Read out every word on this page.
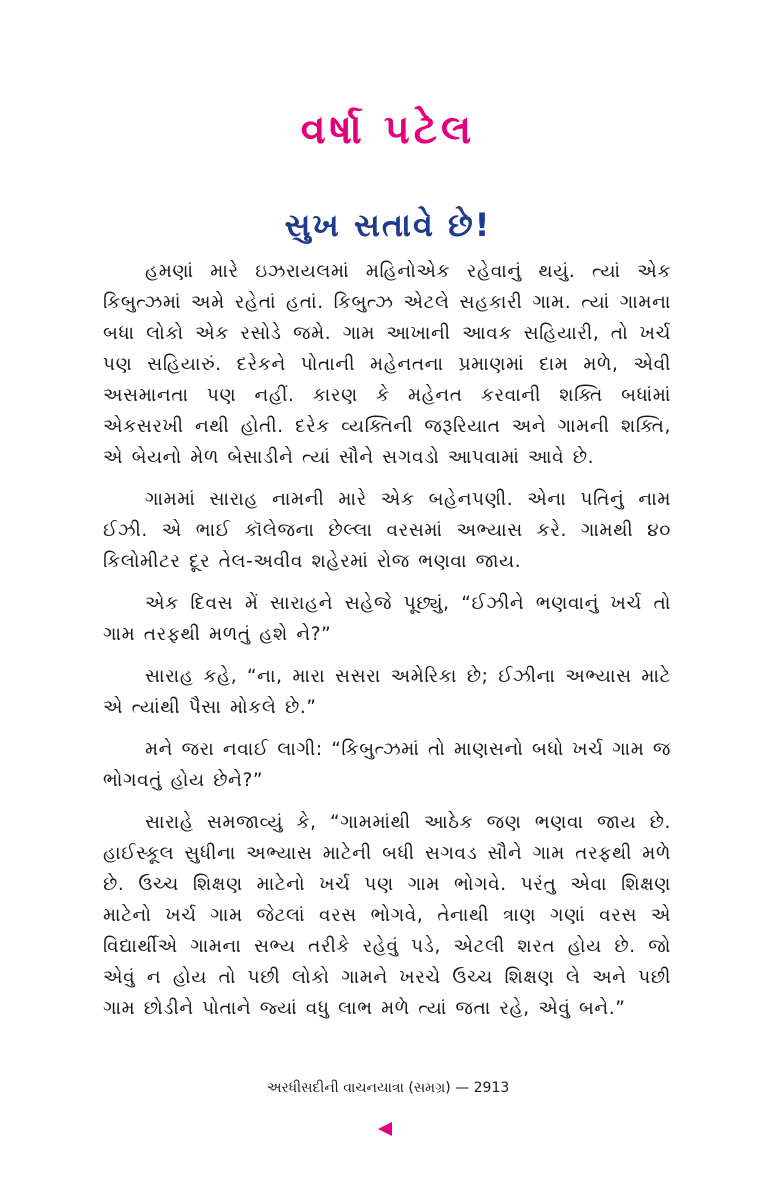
વર્ષા પટેલ
સુખ સતાવે છે!

હમણાં મારે ઇઝરાયલમાં મહિનોએક રહેવાનું થયું. ત્યાં એક કિબુત્ઝમાં અમે રહેતાં હતાં. કિબુત્ઝ એટલે સહકારી ગામ. ત્યાં ગામના બધા લોકો એક રસોડે જમે. ગામ આખાની આવક સહિયારી, તો ખર્ચ પણ સહિયારું. દરેકને પોતાની મહેનતના પ્રમાણમાં દામ મળે, એવી અસમાનતા પણ નહીં. કારણ કે મહેનત કરવાની શક્તિ બધાંમાં એકસરખી નથી હોતી. દરેક વ્યક્તિની જરૂરિયાત અને ગામની શક્તિ, એ બેયનો મેળ બેસાડીને ત્યાં સૌને સગવડો આપવામાં આવે છે.

ગામમાં સારાહ નામની મારે એક બહેનપણી. એના પતિનું નામ ઈઝી. એ ભાઈ કૉલેજના છેલ્લા વરસમાં અભ્યાસ કરે. ગામથી ૪૦ કિલોમીટર દૂર તેલ-અવીવ શહેરમાં રોજ ભણવા જાય.

એક દિવસ મેં સારાહને સહેજે પૂછ્યું, “ઈઝીને ભણવાનું ખર્ચ તો ગામ તરફથી મળતું હશે ને?”

સારાહ કહે, “ના, મારા સસરા અમેરિકા છે; ઈઝીના અભ્યાસ માટે એ ત્યાંથી પૈસા મોકલે છે.”

મને જરા નવાઈ લાગી: “કિબુત્ઝમાં તો માણસનો બધો ખર્ચ ગામ જ ભોગવતું હોય છેને?”

સારાહે સમજાવ્યું કે, “ગામમાંથી આઠેક જણ ભણવા જાય છે. હાઈસ્કૂલ સુધીના અભ્યાસ માટેની બધી સગવડ સૌને ગામ તરફથી મળે છે. ઉચ્ચ શિક્ષણ માટેનો ખર્ચ પણ ગામ ભોગવે. પરંતુ એવા શિક્ષણ માટેનો ખર્ચ ગામ જેટલાં વરસ ભોગવે, તેનાથી ત્રાણ ગણાં વરસ એ વિદ્યાર્થીએ ગામના સભ્ય તરીકે રહેવું પડે, એટલી શરત હોય છે. જો એવું ન હોય તો પછી લોકો ગામને ખરચે ઉચ્ચ શિક્ષણ લે અને પછી ગામ છોડીને પોતાને જ્યાં વધુ લાભ મળે ત્યાં જતા રહે, એવું બને.”

અરધીસદીની વાચનયાત્રા (સમગ્ર) — 2913
